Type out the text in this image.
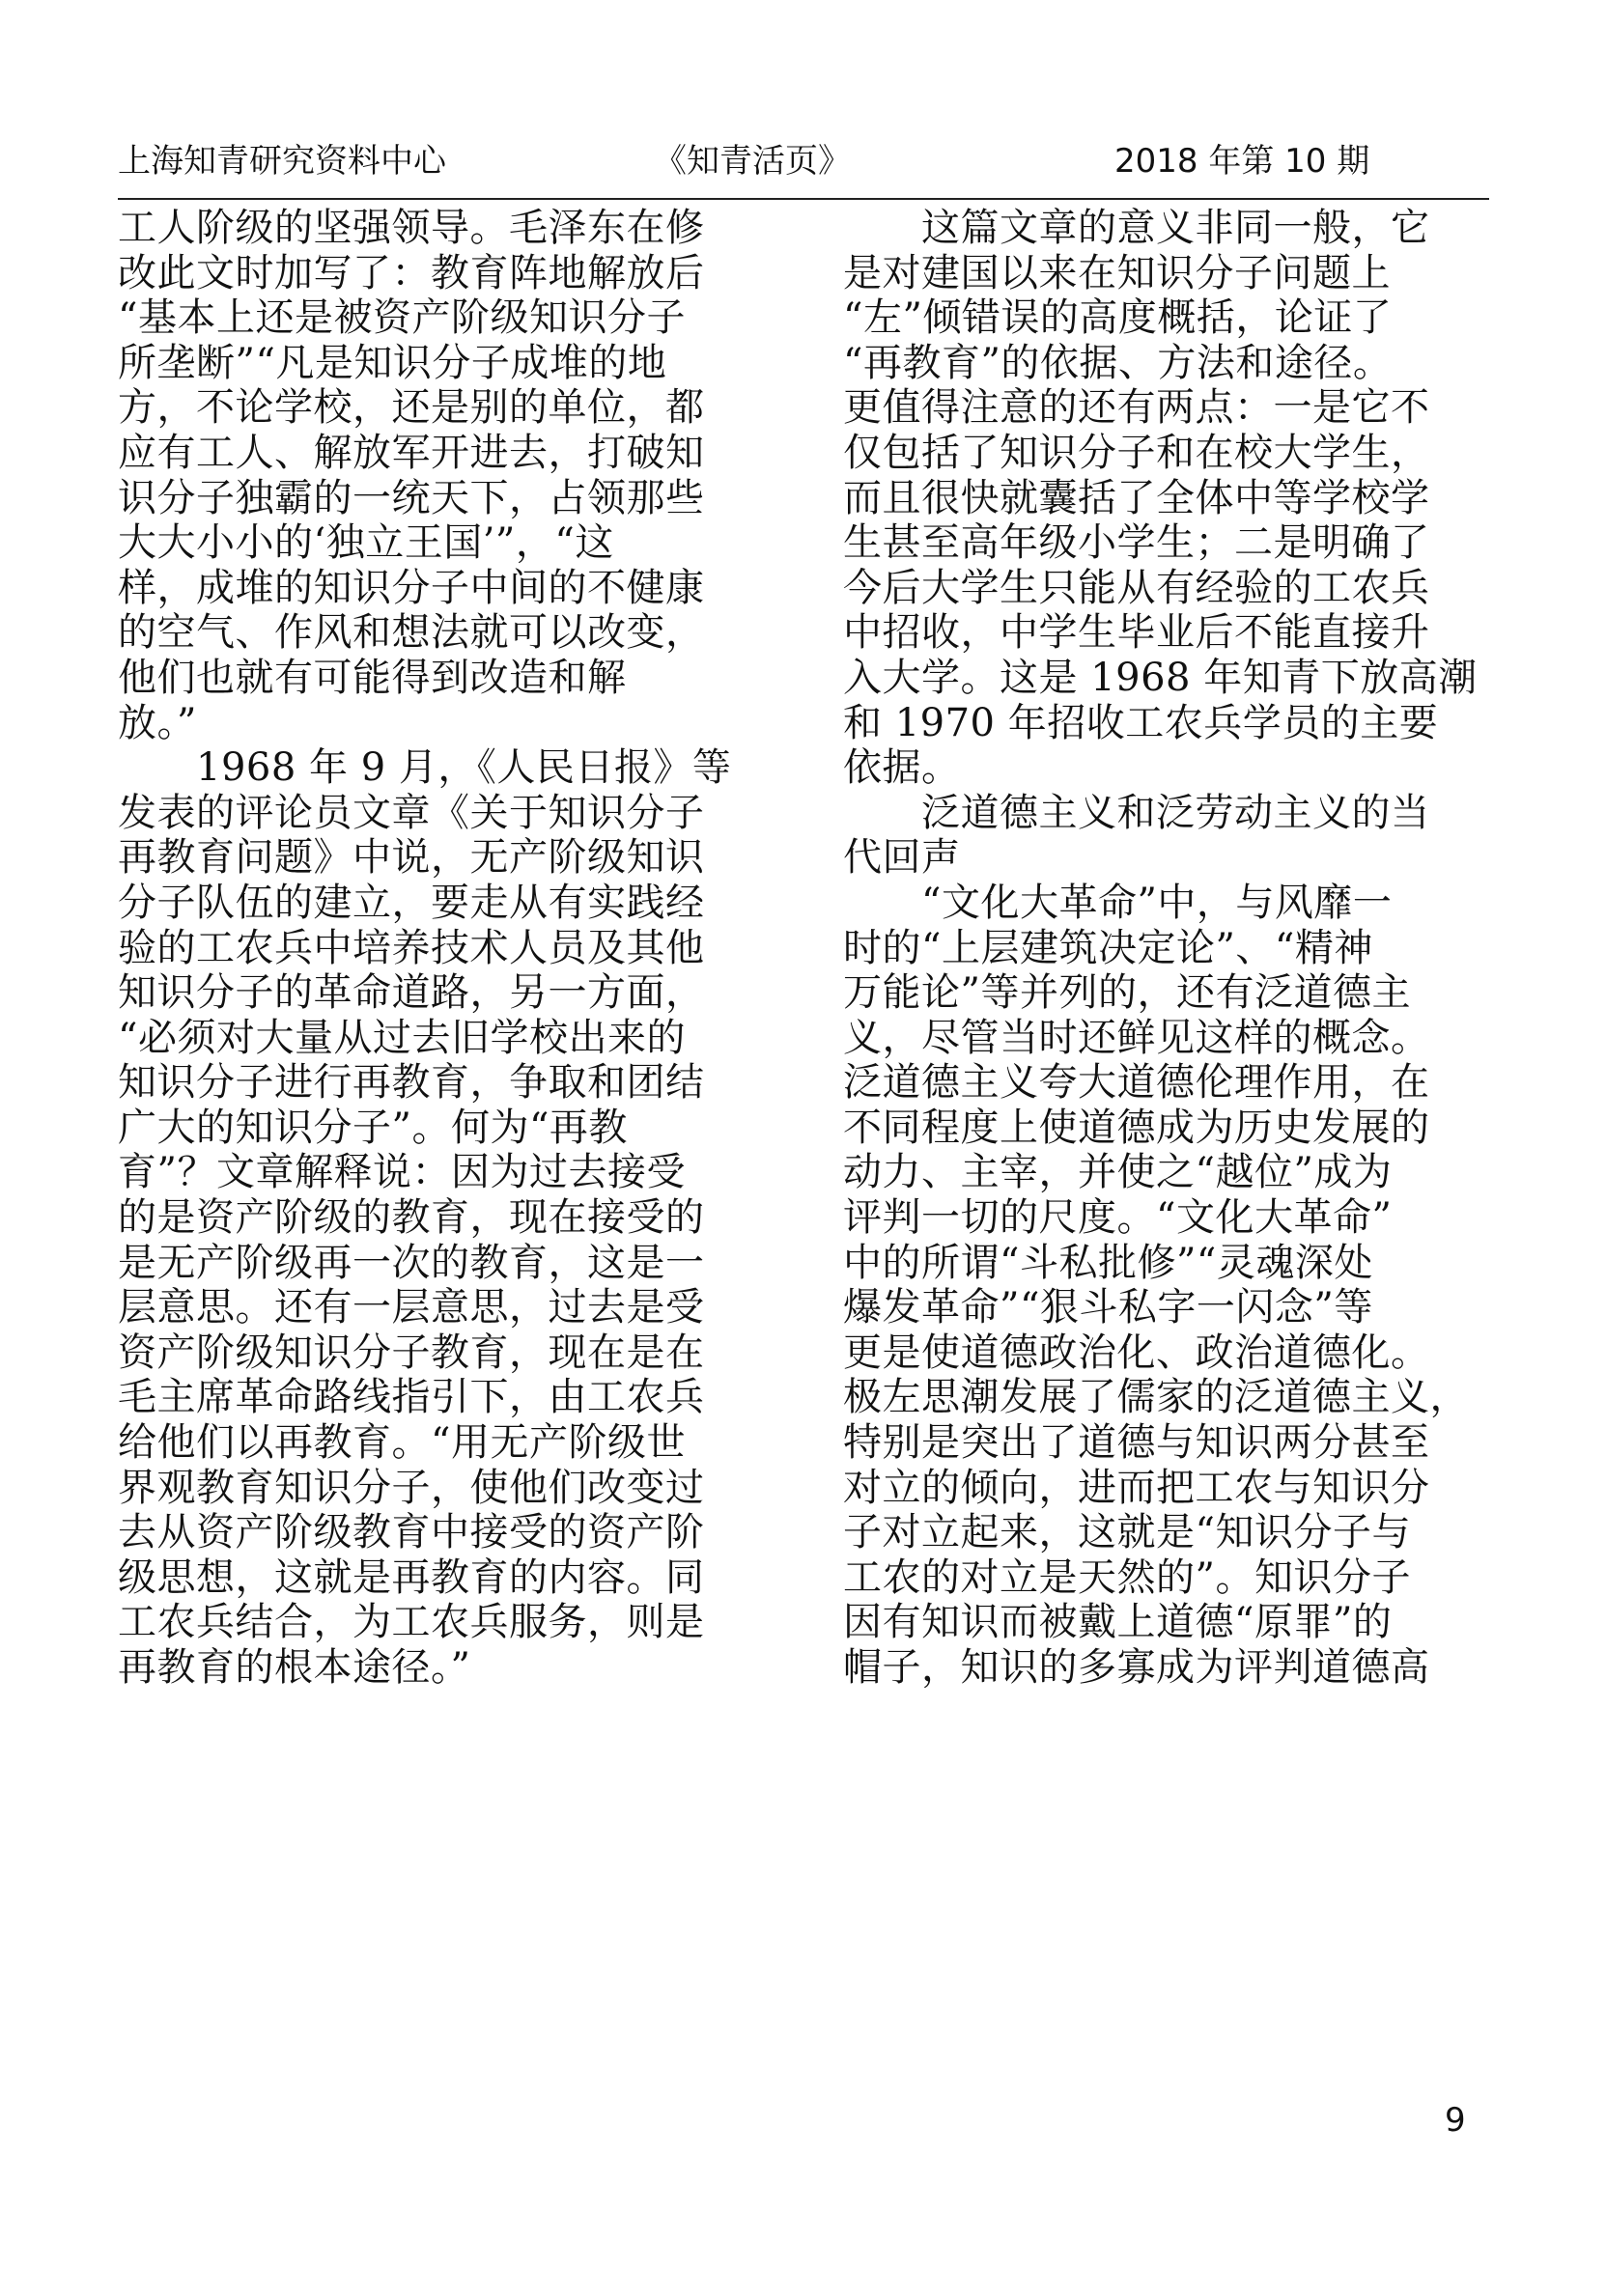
上海知青研究资料中心	《知青活页》	2018 年第 10 期
工人阶级的坚强领导。毛泽东在修
改此文时加写了：教育阵地解放后
“基本上还是被资产阶级知识分子
所垄断”“凡是知识分子成堆的地
方，不论学校，还是别的单位，都
应有工人、解放军开进去，打破知
识分子独霸的一统天下，占领那些
大大小小的‘独立王国’”，“这
样，成堆的知识分子中间的不健康
的空气、作风和想法就可以改变，
他们也就有可能得到改造和解
放。”
　　1968 年 9 月，《人民日报》等
发表的评论员文章《关于知识分子
再教育问题》中说，无产阶级知识
分子队伍的建立，要走从有实践经
验的工农兵中培养技术人员及其他
知识分子的革命道路，另一方面，
“必须对大量从过去旧学校出来的
知识分子进行再教育，争取和团结
广大的知识分子”。何为“再教
育”？文章解释说：因为过去接受
的是资产阶级的教育，现在接受的
是无产阶级再一次的教育，这是一
层意思。还有一层意思，过去是受
资产阶级知识分子教育，现在是在
毛主席革命路线指引下，由工农兵
给他们以再教育。“用无产阶级世
界观教育知识分子，使他们改变过
去从资产阶级教育中接受的资产阶
级思想，这就是再教育的内容。同
工农兵结合，为工农兵服务，则是
再教育的根本途径。”
　　这篇文章的意义非同一般，它
是对建国以来在知识分子问题上
“左”倾错误的高度概括，论证了
“再教育”的依据、方法和途径。
更值得注意的还有两点：一是它不
仅包括了知识分子和在校大学生，
而且很快就囊括了全体中等学校学
生甚至高年级小学生；二是明确了
今后大学生只能从有经验的工农兵
中招收，中学生毕业后不能直接升
入大学。这是 1968 年知青下放高潮
和 1970 年招收工农兵学员的主要
依据。
　　泛道德主义和泛劳动主义的当
代回声
　　“文化大革命”中，与风靡一
时的“上层建筑决定论”、“精神
万能论”等并列的，还有泛道德主
义，尽管当时还鲜见这样的概念。
泛道德主义夸大道德伦理作用，在
不同程度上使道德成为历史发展的
动力、主宰，并使之“越位”成为
评判一切的尺度。“文化大革命”
中的所谓“斗私批修”“灵魂深处
爆发革命”“狠斗私字一闪念”等
更是使道德政治化、政治道德化。
极左思潮发展了儒家的泛道德主义，
特别是突出了道德与知识两分甚至
对立的倾向，进而把工农与知识分
子对立起来，这就是“知识分子与
工农的对立是天然的”。知识分子
因有知识而被戴上道德“原罪”的
帽子，知识的多寡成为评判道德高
9
